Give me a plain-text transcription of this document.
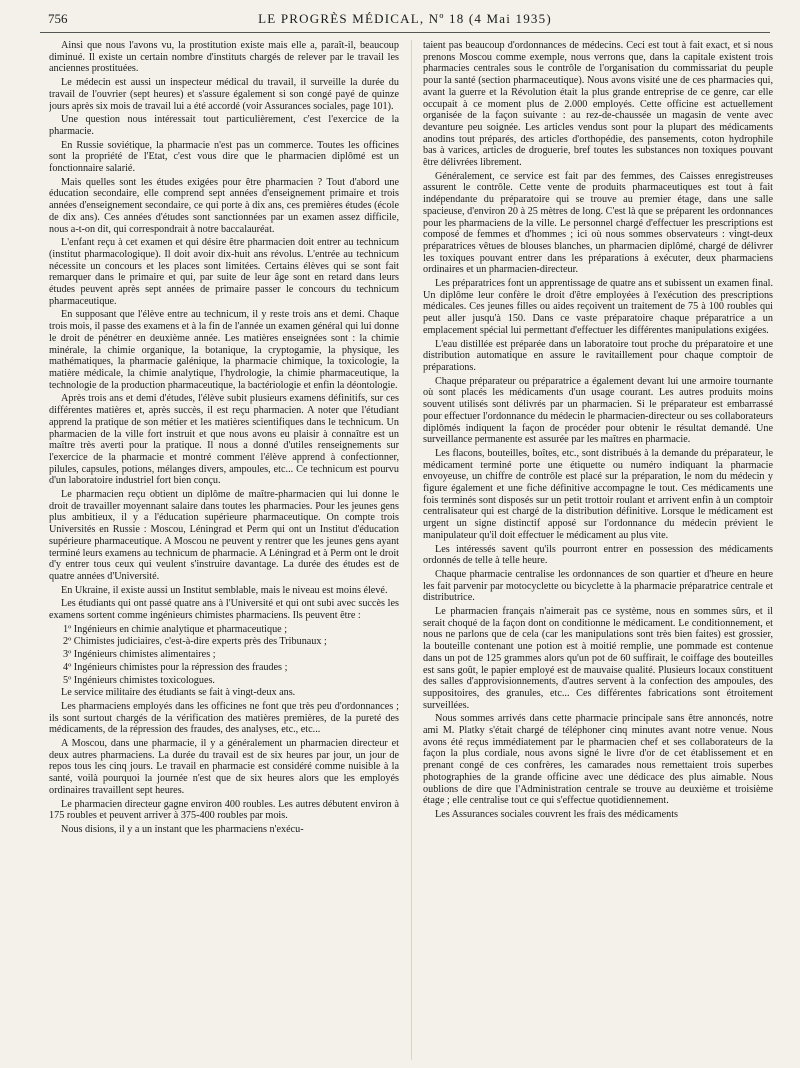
756	LE PROGRÈS MÉDICAL, Nº 18 (4 Mai 1935)

Ainsi que nous l'avons vu, la prostitution existe mais elle a, paraît-il, beaucoup diminué. Il existe un certain nombre d'instituts chargés de relever par le travail les anciennes prostituées.

Le médecin est aussi un inspecteur médical du travail, il surveille la durée du travail de l'ouvrier (sept heures) et s'assure également si son congé payé de quinze jours après six mois de travail lui a été accordé (voir Assurances sociales, page 101).

Une question nous intéressait tout particulièrement, c'est l'exercice de la pharmacie.

En Russie soviétique, la pharmacie n'est pas un commerce. Toutes les officines sont la propriété de l'Etat, c'est vous dire que le pharmacien diplômé est un fonctionnaire salarié.

Mais quelles sont les études exigées pour être pharmacien ? Tout d'abord une éducation secondaire, elle comprend sept années d'enseignement primaire et trois années d'enseignement secondaire, ce qui porte à dix ans, ces premières études (école de dix ans). Ces années d'études sont sanctionnées par un examen assez difficile, nous a-t-on dit, qui correspondrait à notre baccalauréat.

L'enfant reçu à cet examen et qui désire être pharmacien doit entrer au technicum (institut pharmacologique). Il doit avoir dix-huit ans révolus. L'entrée au technicum nécessite un concours et les places sont limitées. Certains élèves qui se sont fait remarquer dans le primaire et qui, par suite de leur âge sont en retard dans leurs études peuvent après sept années de primaire passer le concours du technicum pharmaceutique.

En supposant que l'élève entre au technicum, il y reste trois ans et demi. Chaque trois mois, il passe des examens et à la fin de l'année un examen général qui lui donne le droit de pénétrer en deuxième année. Les matières enseignées sont : la chimie minérale, la chimie organique, la botanique, la cryptogamie, la physique, les mathématiques, la pharmacie galénique, la pharmacie chimique, la toxicologie, la matière médicale, la chimie analytique, l'hydrologie, la chimie pharmaceutique, la technologie de la production pharmaceutique, la bactériologie et enfin la déontologie.

Après trois ans et demi d'études, l'élève subit plusieurs examens définitifs, sur ces différentes matières et, après succès, il est reçu pharmacien. A noter que l'étudiant apprend la pratique de son métier et les matières scientifiques dans le technicum. Un pharmacien de la ville fort instruit et que nous avons eu plaisir à connaître est un maître très averti pour la pratique. Il nous a donné d'utiles renseignements sur l'exercice de la pharmacie et montré comment l'élève apprend à confectionner, pilules, capsules, potions, mélanges divers, ampoules, etc... Ce technicum est pourvu d'un laboratoire industriel fort bien conçu.

Le pharmacien reçu obtient un diplôme de maître-pharmacien qui lui donne le droit de travailler moyennant salaire dans toutes les pharmacies. Pour les jeunes gens plus ambitieux, il y a l'éducation supérieure pharmaceutique. On compte trois Universités en Russie : Moscou, Léningrad et Perm qui ont un Institut d'éducation supérieure pharmaceutique. A Moscou ne peuvent y rentrer que les jeunes gens ayant terminé leurs examens au technicum de pharmacie. A Léningrad et à Perm ont le droit d'y entrer tous ceux qui veulent s'instruire davantage. La durée des études est de quatre années d'Université.

En Ukraine, il existe aussi un Institut semblable, mais le niveau est moins élevé.

Les étudiants qui ont passé quatre ans à l'Université et qui ont subi avec succès les examens sortent comme ingénieurs chimistes pharmaciens. Ils peuvent être :

1º Ingénieurs en chimie analytique et pharmaceutique ;

2º Chimistes judiciaires, c'est-à-dire experts près des Tribunaux ;

3º Ingénieurs chimistes alimentaires ;

4º Ingénieurs chimistes pour la répression des fraudes ;

5º Ingénieurs chimistes toxicologues.

Le service militaire des étudiants se fait à vingt-deux ans.

Les pharmaciens employés dans les officines ne font que très peu d'ordonnances ; ils sont surtout chargés de la vérification des matières premières, de la pureté des médicaments, de la répression des fraudes, des analyses, etc., etc...

A Moscou, dans une pharmacie, il y a généralement un pharmacien directeur et deux autres pharmaciens. La durée du travail est de six heures par jour, un jour de repos tous les cinq jours. Le travail en pharmacie est considéré comme nuisible à la santé, voilà pourquoi la journée n'est que de six heures alors que les employés ordinaires travaillent sept heures.

Le pharmacien directeur gagne environ 400 roubles. Les autres débutent environ à 175 roubles et peuvent arriver à 375-400 roubles par mois.

Nous disions, il y a un instant que les pharmaciens n'exécu-

taient pas beaucoup d'ordonnances de médecins. Ceci est tout à fait exact, et si nous prenons Moscou comme exemple, nous verrons que, dans la capitale existent trois pharmacies centrales sous le contrôle de l'organisation du commissariat du peuple pour la santé (section pharmaceutique). Nous avons visité une de ces pharmacies qui, avant la guerre et la Révolution était la plus grande entreprise de ce genre, car elle occupait à ce moment plus de 2.000 employés. Cette officine est actuellement organisée de la façon suivante : au rez-de-chaussée un magasin de vente avec devanture peu soignée. Les articles vendus sont pour la plupart des médicaments anodins tout préparés, des articles d'orthopédie, des pansements, coton hydrophile bas à varices, articles de droguerie, bref toutes les substances non toxiques pouvant être délivrées librement.

Généralement, ce service est fait par des femmes, des Caisses enregistreuses assurent le contrôle. Cette vente de produits pharmaceutiques est tout à fait indépendante du préparatoire qui se trouve au premier étage, dans une salle spacieuse, d'environ 20 à 25 mètres de long. C'est là que se préparent les ordonnances pour les pharmaciens de la ville. Le personnel chargé d'effectuer les prescriptions est composé de femmes et d'hommes ; ici où nous sommes observateurs : vingt-deux préparatrices vêtues de blouses blanches, un pharmacien diplômé, chargé de délivrer les toxiques pouvant entrer dans les préparations à exécuter, deux pharmaciens ordinaires et un pharmacien-directeur.

Les préparatrices font un apprentissage de quatre ans et subissent un examen final. Un diplôme leur confère le droit d'être employées à l'exécution des prescriptions médicales. Ces jeunes filles ou aides reçoivent un traitement de 75 à 100 roubles qui peut aller jusqu'à 150. Dans ce vaste préparatoire chaque préparatrice a un emplacement spécial lui permettant d'effectuer les différentes manipulations exigées.

L'eau distillée est préparée dans un laboratoire tout proche du préparatoire et une distribution automatique en assure le ravitaillement pour chaque comptoir de préparations.

Chaque préparateur ou préparatrice a également devant lui une armoire tournante où sont placés les médicaments d'un usage courant. Les autres produits moins souvent utilisés sont délivrés par un pharmacien. Si le préparateur est embarrassé pour effectuer l'ordonnance du médecin le pharmacien-directeur ou ses collaborateurs diplômés indiquent la façon de procéder pour obtenir le résultat demandé. Une surveillance permanente est assurée par les maîtres en pharmacie.

Les flacons, bouteilles, boîtes, etc., sont distribués à la demande du préparateur, le médicament terminé porte une étiquette ou numéro indiquant la pharmacie envoyeuse, un chiffre de contrôle est placé sur la préparation, le nom du médecin y figure également et une fiche définitive accompagne le tout. Ces médicaments une fois terminés sont disposés sur un petit trottoir roulant et arrivent enfin à un comptoir centralisateur qui est chargé de la distribution définitive. Lorsque le médicament est urgent un signe distinctif apposé sur l'ordonnance du médecin prévient le manipulateur qu'il doit effectuer le médicament au plus vite.

Les intéressés savent qu'ils pourront entrer en possession des médicaments ordonnés de telle à telle heure.

Chaque pharmacie centralise les ordonnances de son quartier et d'heure en heure les fait parvenir par motocyclette ou bicyclette à la pharmacie préparatrice centrale et distributrice.

Le pharmacien français n'aimerait pas ce système, nous en sommes sûrs, et il serait choqué de la façon dont on conditionne le médicament. Le conditionnement, et nous ne parlons que de cela (car les manipulations sont très bien faites) est grossier, la bouteille contenant une potion est à moitié remplie, une pommade est contenue dans un pot de 125 grammes alors qu'un pot de 60 suffirait, le coiffage des bouteilles est sans goût, le papier employé est de mauvaise qualité. Plusieurs locaux constituent des salles d'approvisionnements, d'autres servent à la confection des ampoules, des suppositoires, des granules, etc... Ces différentes fabrications sont étroitement surveillées.

Nous sommes arrivés dans cette pharmacie principale sans être annoncés, notre ami M. Platky s'était chargé de téléphoner cinq minutes avant notre venue. Nous avons été reçus immédiatement par le pharmacien chef et ses collaborateurs de la façon la plus cordiale, nous avons signé le livre d'or de cet établissement et en prenant congé de ces confrères, les camarades nous remettaient trois superbes photographies de la grande officine avec une dédicace des plus aimable. Nous oublions de dire que l'Administration centrale se trouve au deuxième et troisième étage ; elle centralise tout ce qui s'effectue quotidiennement.

Les Assurances sociales couvrent les frais des médicaments
